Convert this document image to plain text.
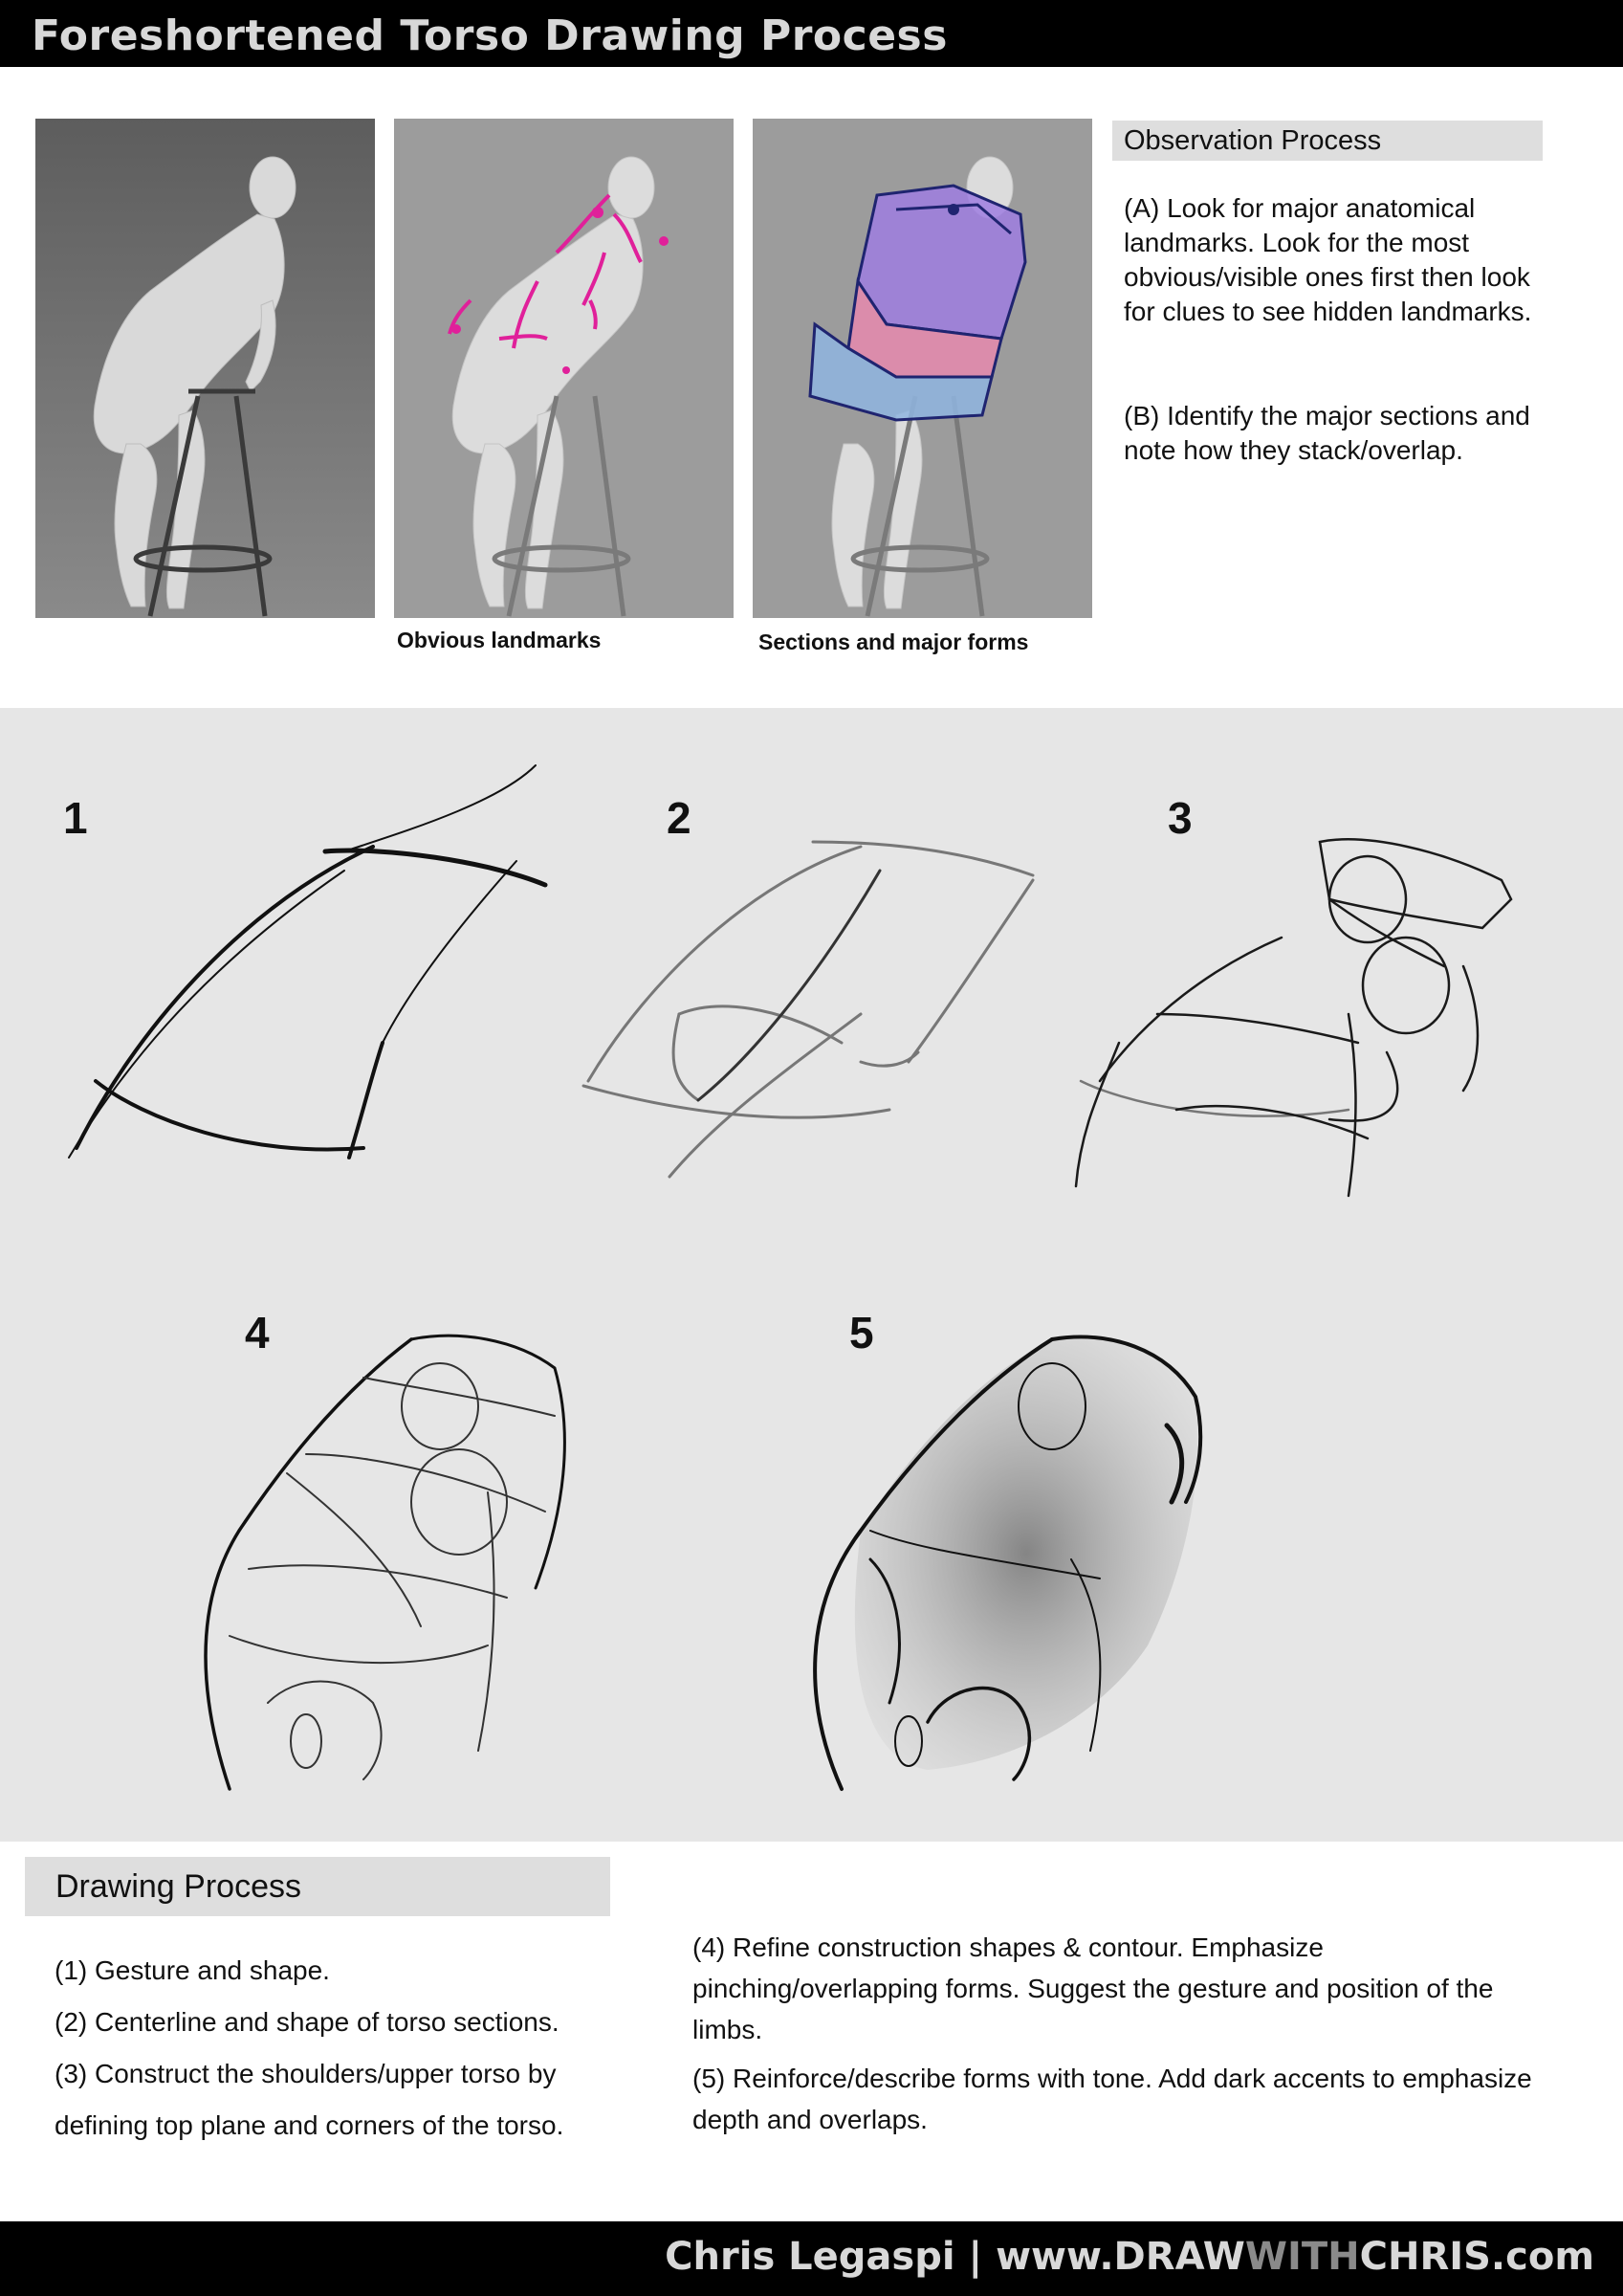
Foreshortened Torso Drawing Process
Obvious landmarks	Sections and major forms
Observation Process
(A) Look for major anatomical landmarks. Look for the most obvious/visible ones first then look for clues to see hidden landmarks.
(B) Identify the major sections and note how they stack/overlap.
1	2	3
4	5
Drawing Process
(1) Gesture and shape.
(2) Centerline and shape of torso sections.
(3) Construct the shoulders/upper torso by
defining top plane and corners of the torso.
(4) Refine construction shapes & contour. Emphasize pinching/overlapping forms. Suggest the gesture and position of the limbs.
(5) Reinforce/describe forms with tone. Add dark accents to emphasize depth and overlaps.
Chris Legaspi | www.DRAWWITHCHRIS.com
